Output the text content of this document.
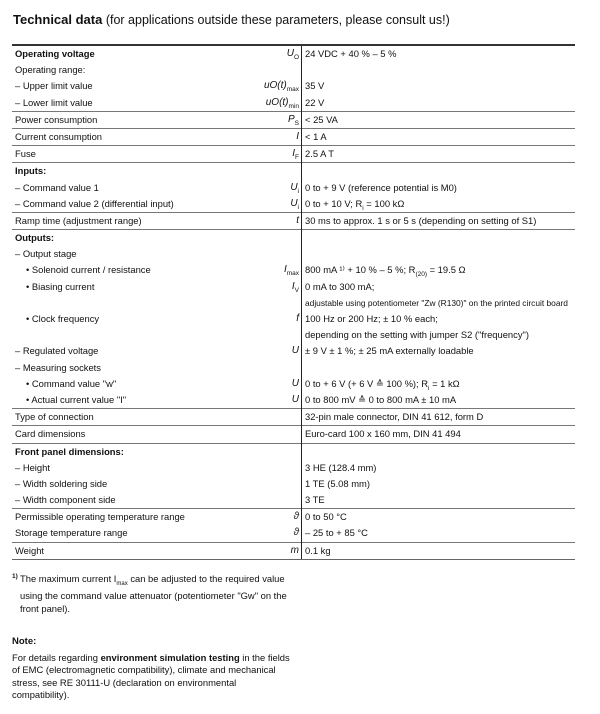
Technical data (for applications outside these parameters, please consult us!)
Operating voltage	$U_O$ 24 VDC + 40 % – 5 %
Operating range:
– Upper limit value	$uO(t)_{max}$ 35 V
– Lower limit value	$uO(t)_{min}$ 22 V
Power consumption	$P_S < 25$ VA
Current consumption	I < 1 A
Fuse	$I_F$ 2.5 A T
Inputs:
– Command value 1	$U_i$ 0 to + 9 V (reference potential is M0)
– Command value 2 (differential input)	$U_i$ 0 to + 10 V; $R_i = 100$ kΩ
Ramp time (adjustment range)	t 30 ms to approx. 1 s or 5 s (depending on setting of S1)
Outputs:
– Output stage
• Solenoid current / resistance	$I_{max}$ 800 mA ¹⁾ + 10 % – 5 %; $R_{(20)} = 19.5$ Ω
• Biasing current	$I_V$ 0 mA to 300 mA;
adjustable using potentiometer "Zw (R130)" on the printed circuit board
• Clock frequency	f 100 Hz or 200 Hz; ± 10 % each;
depending on the setting with jumper S2 ("frequency")
– Regulated voltage	U ± 9 V ± 1 %; ± 25 mA externally loadable
– Measuring sockets
• Command value "w"	U 0 to + 6 V (+ 6 V ≙ 100 %); $R_i = 1$ kΩ
• Actual current value "I"	U 0 to 800 mV ≙ 0 to 800 mA ± 10 mA
Type of connection	32-pin male connector, DIN 41 612, form D
Card dimensions	Euro-card 100 x 160 mm, DIN 41 494
Front panel dimensions:
– Height	3 HE (128.4 mm)
– Width soldering side	1 TE (5.08 mm)
– Width component side	3 TE
Permissible operating temperature range	ϑ 0 to 50 °C
Storage temperature range	ϑ – 25 to + 85 °C
Weight	m 0.1 kg
1) The maximum current $I_{max}$ can be adjusted to the required value using the command value attenuator (potentiometer "Gw" on the front panel).
Note:
For details regarding environment simulation testing in the fields of EMC (electromagnetic compatibility), climate and mechanical stress, see RE 30111-U (declaration on environmental compatibility).
